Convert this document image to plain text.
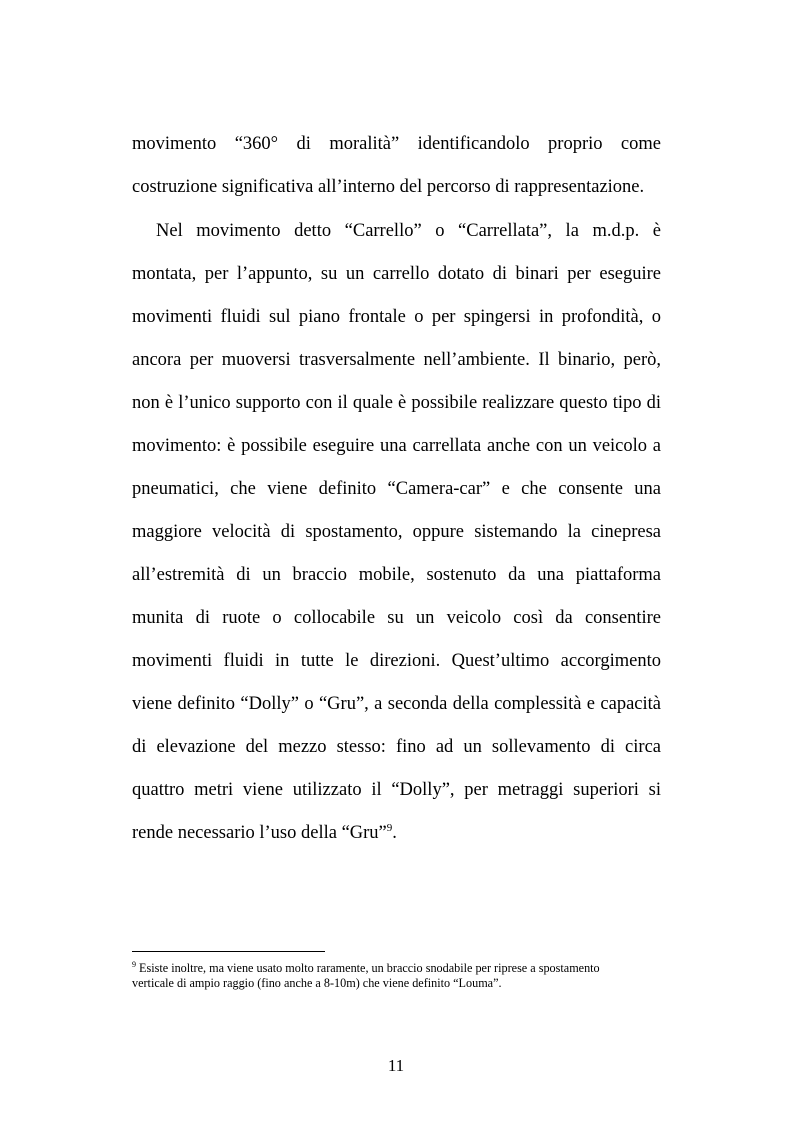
movimento “360° di moralità” identificandolo proprio come
costruzione significativa all’interno del percorso di rappresentazione.
Nel movimento detto “Carrello” o “Carrellata”, la m.d.p. è
montata, per l’appunto, su un carrello dotato di binari per eseguire
movimenti fluidi sul piano frontale o per spingersi in profondità, o
ancora per muoversi trasversalmente nell’ambiente. Il binario, però,
non è l’unico supporto con il quale è possibile realizzare questo tipo di
movimento: è possibile eseguire una carrellata anche con un veicolo a
pneumatici, che viene definito “Camera-car” e che consente una
maggiore velocità di spostamento, oppure sistemando la cinepresa
all’estremità di un braccio mobile, sostenuto da una piattaforma
munita di ruote o collocabile su un veicolo così da consentire
movimenti fluidi in tutte le direzioni. Quest’ultimo accorgimento
viene definito “Dolly” o “Gru”, a seconda della complessità e capacità
di elevazione del mezzo stesso: fino ad un sollevamento di circa
quattro metri viene utilizzato il “Dolly”, per metraggi superiori si
rende necessario l’uso della “Gru”$^9$.
$^9$ Esiste inoltre, ma viene usato molto raramente, un braccio snodabile per riprese a spostamento
verticale di ampio raggio (fino anche a 8-10m) che viene definito “Louma”.
11
